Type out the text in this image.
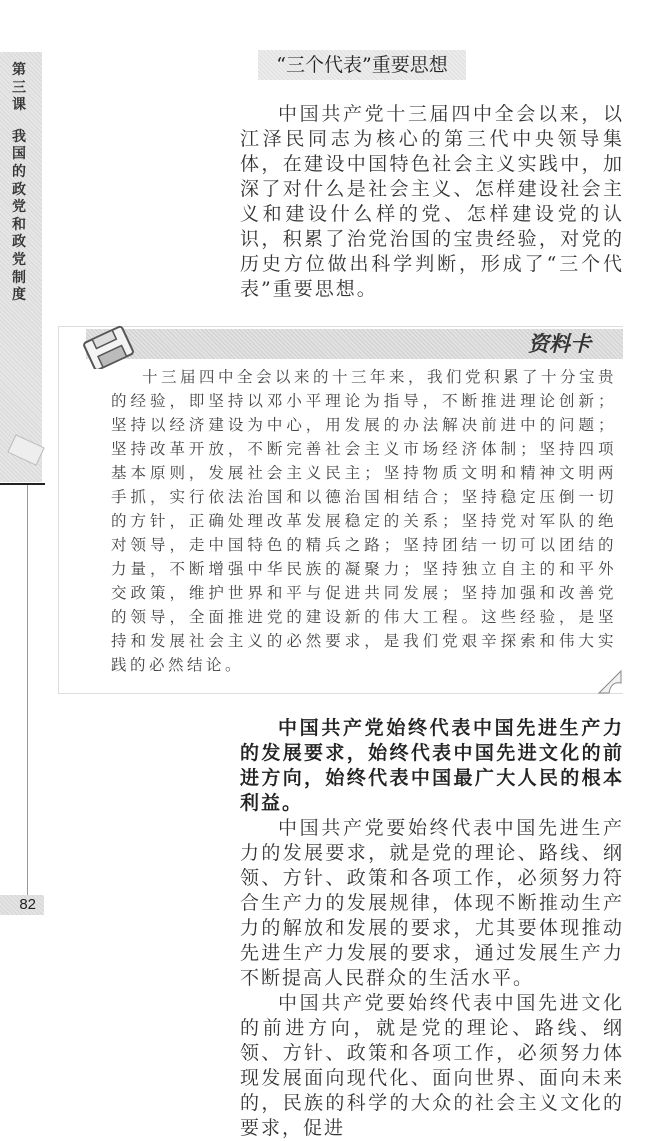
第三课
我国的政党和政党制度
82
“三个代表”重要思想

中国共产党十三届四中全会以来，以江泽民同志为核心的第三代中央领导集体，在建设中国特色社会主义实践中，加深了对什么是社会主义、怎样建设社会主义和建设什么样的党、怎样建设党的认识，积累了治党治国的宝贵经验，对党的历史方位做出科学判断，形成了“三个代表”重要思想。

资料卡

十三届四中全会以来的十三年来，我们党积累了十分宝贵的经验，即坚持以邓小平理论为指导，不断推进理论创新；坚持以经济建设为中心，用发展的办法解决前进中的问题；坚持改革开放，不断完善社会主义市场经济体制；坚持四项基本原则，发展社会主义民主；坚持物质文明和精神文明两手抓，实行依法治国和以德治国相结合；坚持稳定压倒一切的方针，正确处理改革发展稳定的关系；坚持党对军队的绝对领导，走中国特色的精兵之路；坚持团结一切可以团结的力量，不断增强中华民族的凝聚力；坚持独立自主的和平外交政策，维护世界和平与促进共同发展；坚持加强和改善党的领导，全面推进党的建设新的伟大工程。这些经验，是坚持和发展社会主义的必然要求，是我们党艰辛探索和伟大实践的必然结论。

中国共产党始终代表中国先进生产力的发展要求，始终代表中国先进文化的前进方向，始终代表中国最广大人民的根本利益。

中国共产党要始终代表中国先进生产力的发展要求，就是党的理论、路线、纲领、方针、政策和各项工作，必须努力符合生产力的发展规律，体现不断推动生产力的解放和发展的要求，尤其要体现推动先进生产力发展的要求，通过发展生产力不断提高人民群众的生活水平。

中国共产党要始终代表中国先进文化的前进方向，就是党的理论、路线、纲领、方针、政策和各项工作，必须努力体现发展面向现代化、面向世界、面向未来的，民族的科学的大众的社会主义文化的要求，促进
